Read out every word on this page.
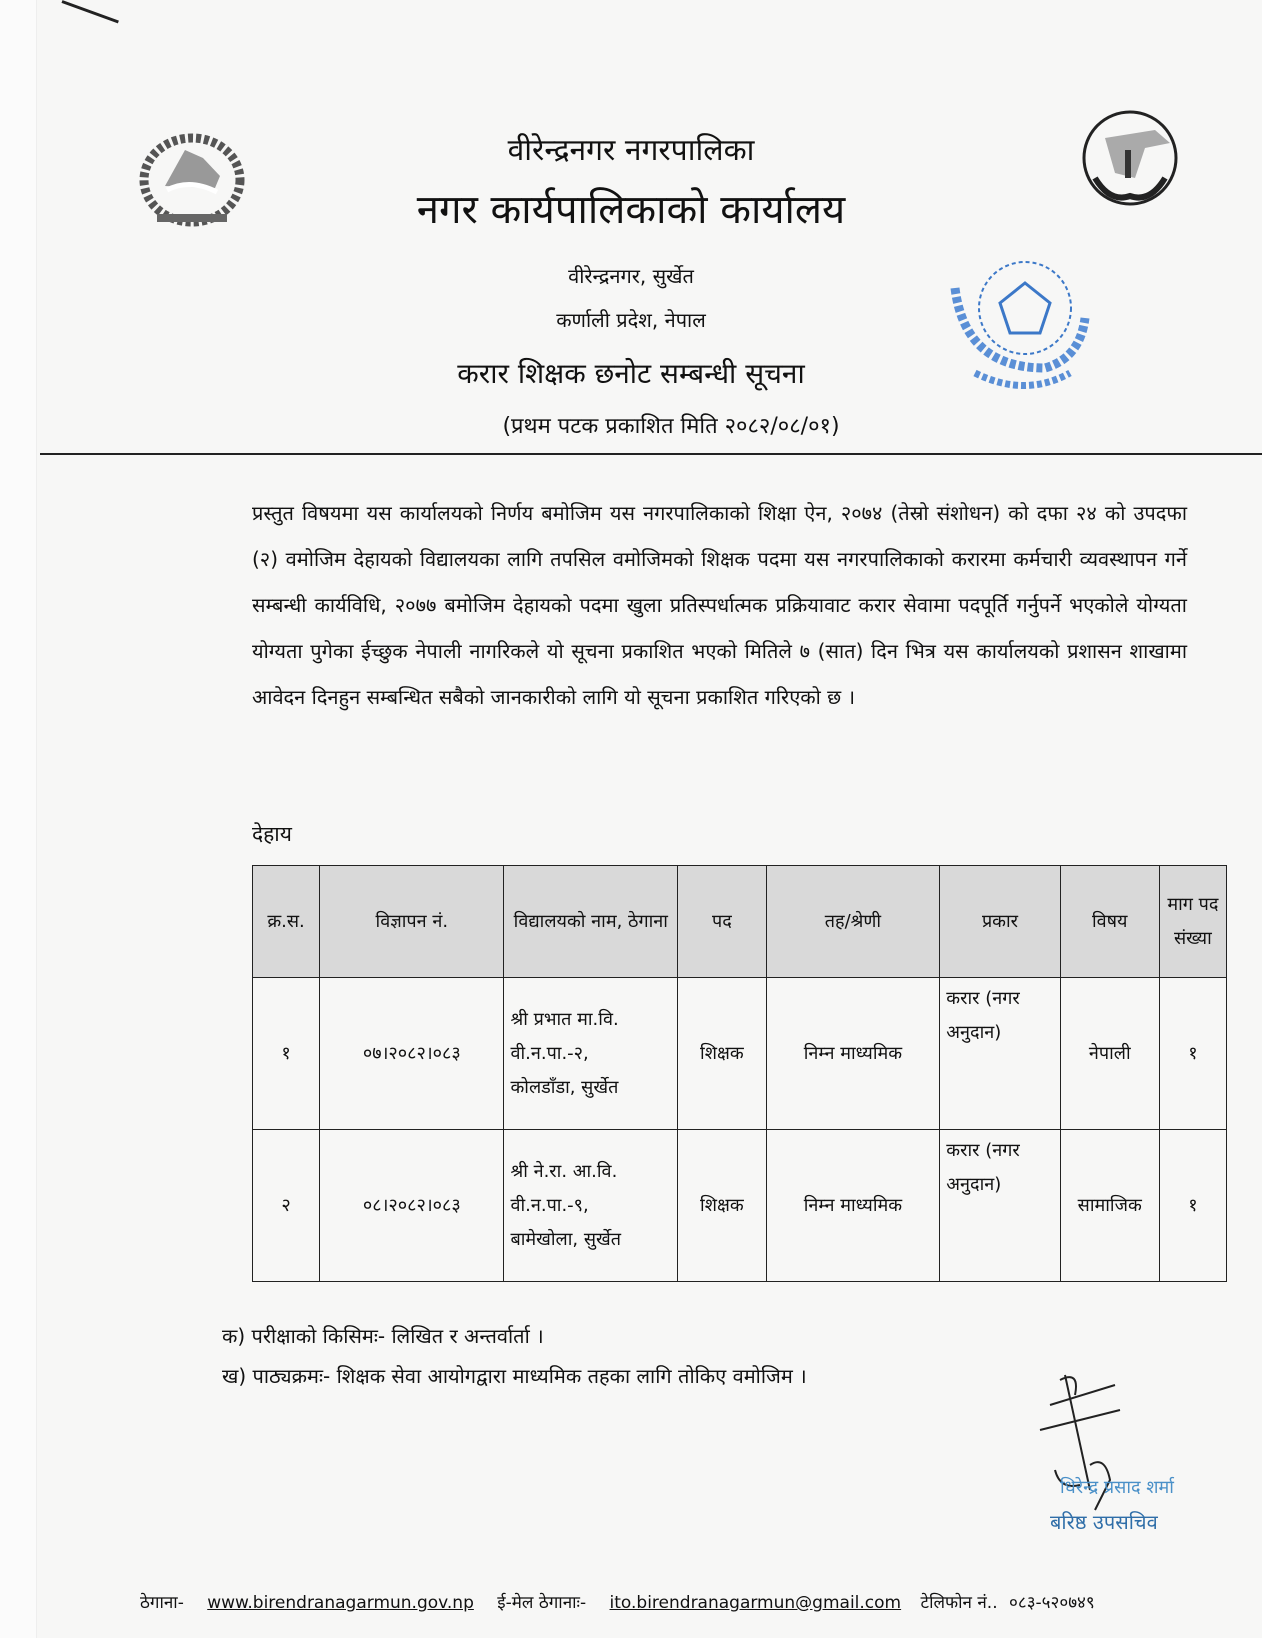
वीरेन्द्रनगर नगरपालिका
नगर कार्यपालिकाको कार्यालय
वीरेन्द्रनगर, सुर्खेत
कर्णाली प्रदेश, नेपाल
करार शिक्षक छनोट सम्बन्धी सूचना
(प्रथम पटक प्रकाशित मिति २०८२/०८/०१)
प्रस्तुत विषयमा यस कार्यालयको निर्णय बमोजिम यस नगरपालिकाको शिक्षा ऐन, २०७४ (तेस्रो संशोधन) को दफा २४ को उपदफा (२) वमोजिम देहायको विद्यालयका लागि तपसिल वमोजिमको शिक्षक पदमा यस नगरपालिकाको करारमा कर्मचारी व्यवस्थापन गर्ने सम्बन्धी कार्यविधि, २०७७ बमोजिम देहायको पदमा खुला प्रतिस्पर्धात्मक प्रक्रियावाट करार सेवामा पदपूर्ति गर्नुपर्ने भएकोले योग्यता योग्यता पुगेका ईच्छुक नेपाली नागरिकले यो सूचना प्रकाशित भएको मितिले ७ (सात) दिन भित्र यस कार्यालयको प्रशासन शाखामा आवेदन दिनहुन सम्बन्धित सबैको जानकारीको लागि यो सूचना प्रकाशित गरिएको छ ।
देहाय
क्र.स.	विज्ञापन नं.	विद्यालयको नाम, ठेगाना	पद	तह/श्रेणी	प्रकार	विषय	माग पद संख्या
१	०७।२०८२।०८३	श्री प्रभात मा.वि.
वी.न.पा.-२,
कोलडाँडा, सुर्खेत	शिक्षक	निम्न माध्यमिक	करार (नगर अनुदान)	नेपाली	१
२	०८।२०८२।०८३	श्री ने.रा. आ.वि.
वी.न.पा.-९,
बामेखोला, सुर्खेत	शिक्षक	निम्न माध्यमिक	करार (नगर अनुदान)	सामाजिक	१
क) परीक्षाको किसिमः- लिखित र अन्तर्वार्ता ।
ख) पाठ्यक्रमः- शिक्षक सेवा आयोगद्वारा माध्यमिक तहका लागि तोकिए वमोजिम ।
धिरेन्द्र प्रसाद शर्मा
बरिष्ठ उपसचिव
ठेगाना- www.birendranagarmun.gov.np ई-मेल ठेगानाः- ito.birendranagarmun@gmail.com टेलिफोन नं.. ०८३-५२०७४९
